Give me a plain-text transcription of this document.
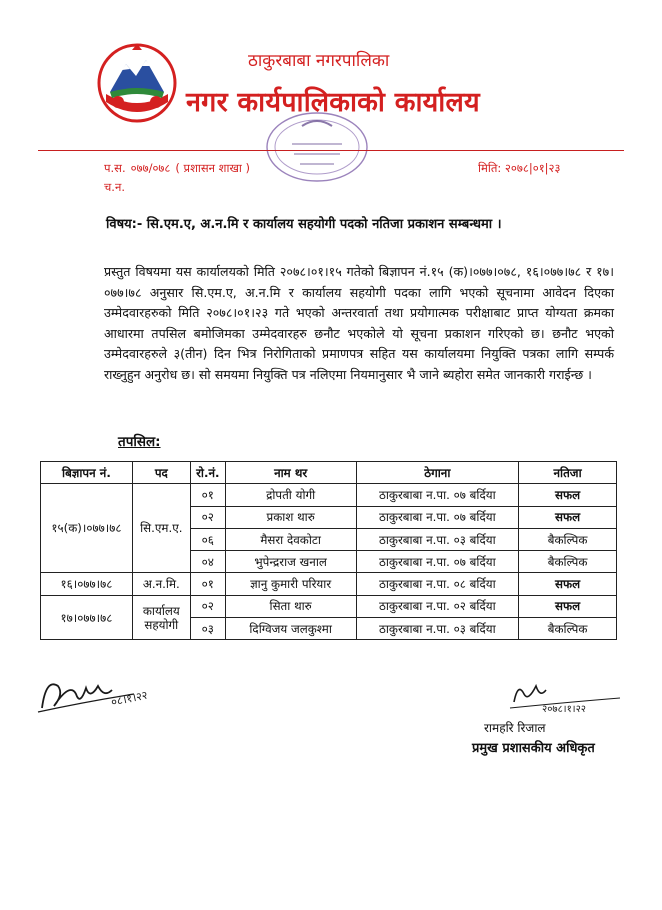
ठाकुरबाबा नगरपालिका
नगर कार्यपालिकाको कार्यालय
प.स. ०७७/०७८ ( प्रशासन शाखा )
च.न.
मिति: २०७८|०१|२३
विषय:- सि.एम.ए, अ.न.मि र कार्यालय सहयोगी पदको नतिजा प्रकाशन सम्बन्धमा ।
प्रस्तुत विषयमा यस कार्यालयको मिति २०७८।०१।१५ गतेको बिज्ञापन नं.१५ (क)।०७७।०७८, १६।०७७।७८ र १७।०७७।७८ अनुसार सि.एम.ए, अ.न.मि र कार्यालय सहयोगी पदका लागि भएको सूचनामा आवेदन दिएका उम्मेदवारहरुको मिति २०७८।०१।२३ गते भएको अन्तरवार्ता तथा प्रयोगात्मक परीक्षाबाट प्राप्त योग्यता क्रमका आधारमा तपसिल बमोजिमका उम्मेदवारहरु छनौट भएकोले यो सूचना प्रकाशन गरिएको छ। छनौट भएको उम्मेदवारहरुले ३(तीन) दिन भित्र निरोगिताको प्रमाणपत्र सहित यस कार्यालयमा नियुक्ति पत्रका लागि सम्पर्क राख्नुहुन अनुरोध छ। सो समयमा नियुक्ति पत्र नलिएमा नियमानुसार भै जाने ब्यहोरा समेत जानकारी गराईन्छ ।
तपसिल:
बिज्ञापन नं.	पद	रो.नं.	नाम थर	ठेगाना	नतिजा
१५(क)।०७७।७८	सि.एम.ए.	०१	द्रोपती योगी	ठाकुरबाबा न.पा. ०७ बर्दिया	सफल
		०२	प्रकाश थारु	ठाकुरबाबा न.पा. ०७ बर्दिया	सफल
		०६	मैसरा देवकोटा	ठाकुरबाबा न.पा. ०३ बर्दिया	बैकल्पिक
		०४	भुपेन्द्रराज खनाल	ठाकुरबाबा न.पा. ०७ बर्दिया	बैकल्पिक
१६।०७७।७८	अ.न.मि.	०१	ज्ञानु कुमारी परियार	ठाकुरबाबा न.पा. ०८ बर्दिया	सफल
१७।०७७।७८	कार्यालय सहयोगी	०२	सिता थारु	ठाकुरबाबा न.पा. ०२ बर्दिया	सफल
		०३	दिग्विजय जलकुश्मा	ठाकुरबाबा न.पा. ०३ बर्दिया	बैकल्पिक
०८।१।२२
२०७८।१।२२
रामहरि रिजाल
प्रमुख प्रशासकीय अधिकृत
